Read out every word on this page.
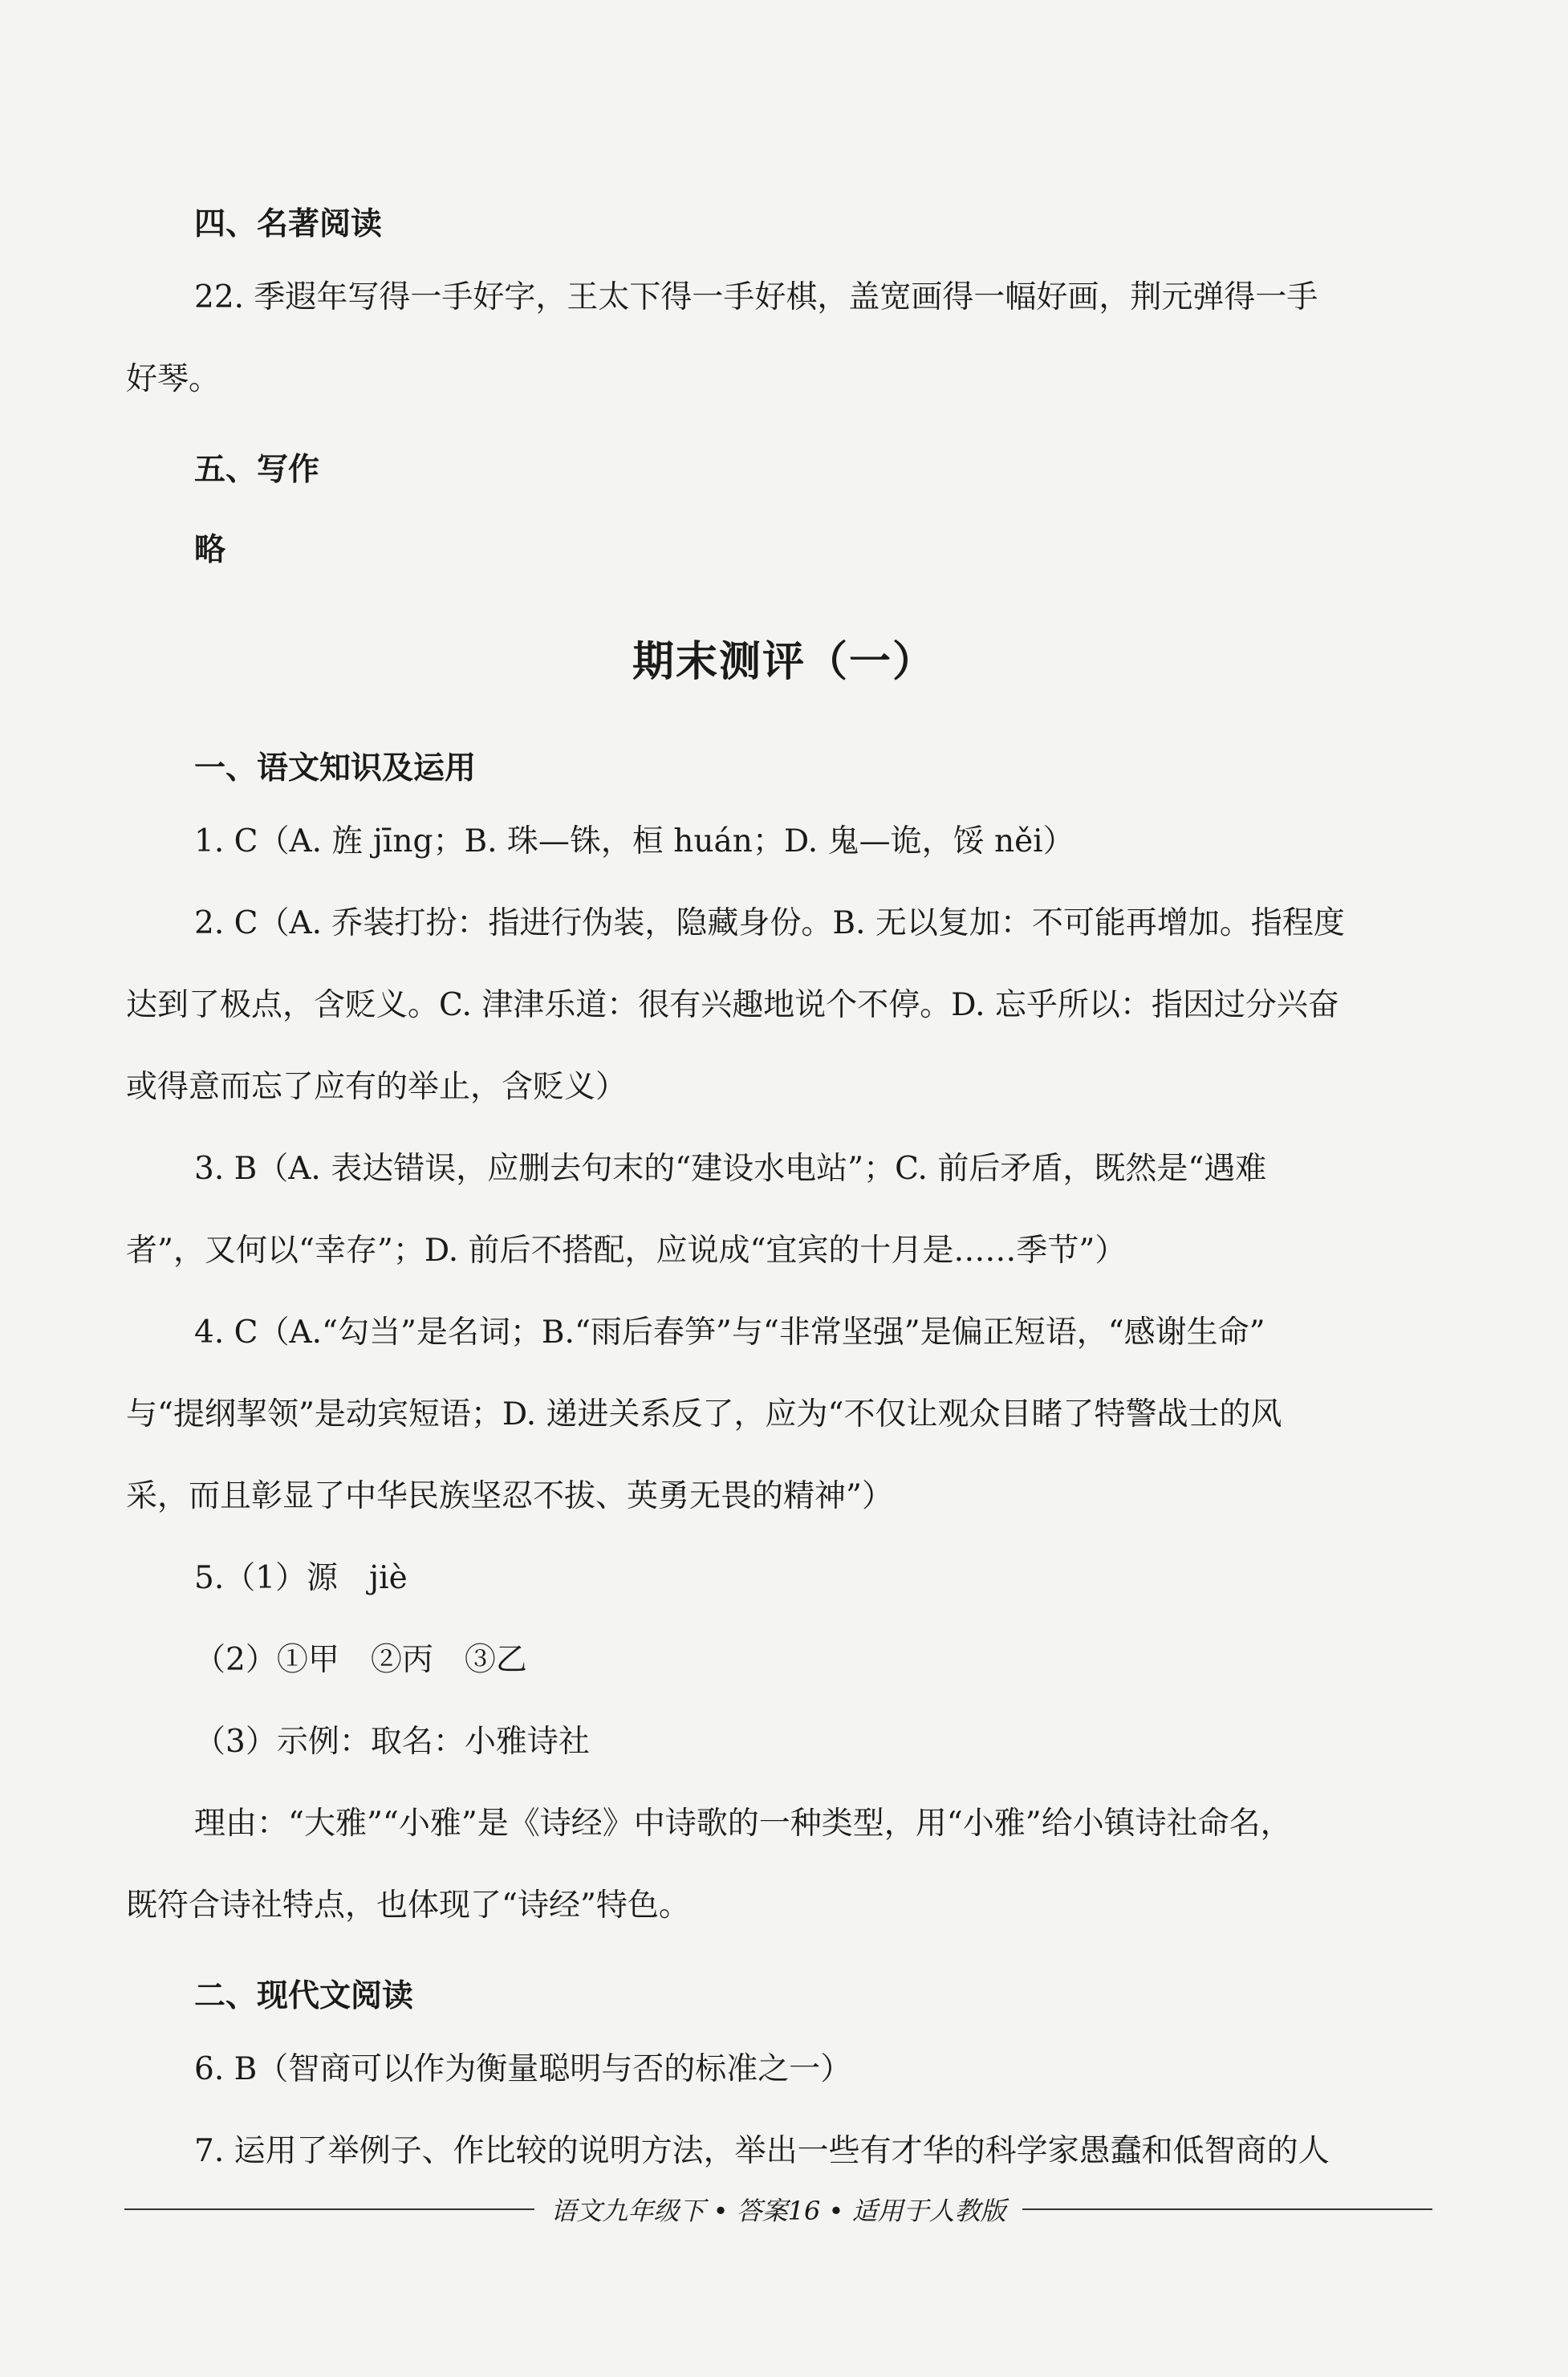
四、名著阅读
22. 季遐年写得一手好字，王太下得一手好棋，盖宽画得一幅好画，荆元弹得一手
好琴。
五、写作
略
期末测评（一）
一、语文知识及运用
1. C（A. 旌 jīng；B. 珠—铢，桓 huán；D. 鬼—诡，馁 něi）
2. C（A. 乔装打扮：指进行伪装，隐藏身份。B. 无以复加：不可能再增加。指程度
达到了极点，含贬义。C. 津津乐道：很有兴趣地说个不停。D. 忘乎所以：指因过分兴奋
或得意而忘了应有的举止，含贬义）
3. B（A. 表达错误，应删去句末的“建设水电站”；C. 前后矛盾，既然是“遇难
者”，又何以“幸存”；D. 前后不搭配，应说成“宜宾的十月是……季节”）
4. C（A.“勾当”是名词；B.“雨后春笋”与“非常坚强”是偏正短语，“感谢生命”
与“提纲挈领”是动宾短语；D. 递进关系反了，应为“不仅让观众目睹了特警战士的风
采，而且彰显了中华民族坚忍不拔、英勇无畏的精神”）
5.（1）源　jiè
（2）①甲　②丙　③乙
（3）示例：取名：小雅诗社
理由：“大雅”“小雅”是《诗经》中诗歌的一种类型，用“小雅”给小镇诗社命名，
既符合诗社特点，也体现了“诗经”特色。
二、现代文阅读
6. B（智商可以作为衡量聪明与否的标准之一）
7. 运用了举例子、作比较的说明方法，举出一些有才华的科学家愚蠢和低智商的人
语文九年级下 • 答案16 • 适用于人教版
